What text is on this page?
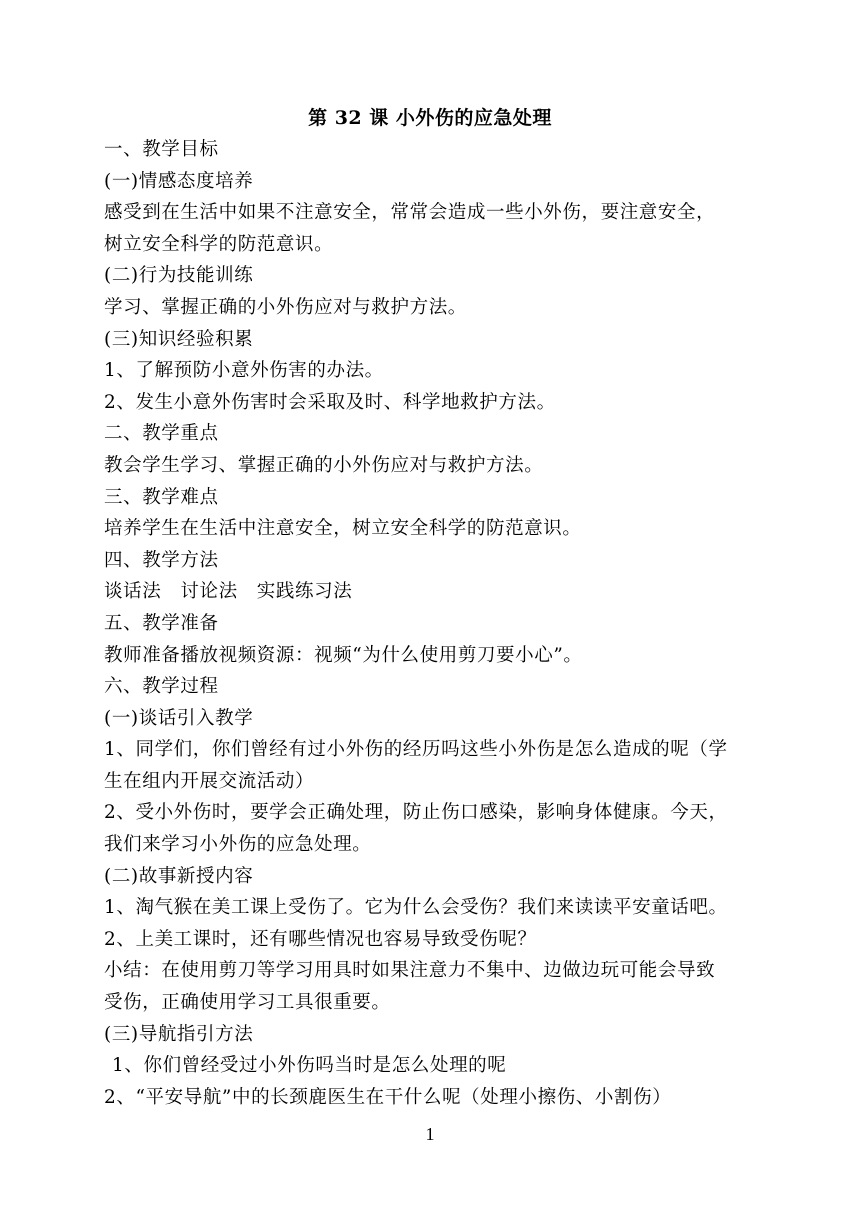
第 32 课 小外伤的应急处理

一、教学目标

(一)情感态度培养

感受到在生活中如果不注意安全，常常会造成一些小外伤，要注意安全，

树立安全科学的防范意识。

(二)行为技能训练

学习、掌握正确的小外伤应对与救护方法。

(三)知识经验积累

1、了解预防小意外伤害的办法。

2、发生小意外伤害时会采取及时、科学地救护方法。

二、教学重点

教会学生学习、掌握正确的小外伤应对与救护方法。

三、教学难点

培养学生在生活中注意安全，树立安全科学的防范意识。

四、教学方法

谈话法　讨论法　实践练习法

五、教学准备

教师准备播放视频资源：视频“为什么使用剪刀要小心”。

六、教学过程

(一)谈话引入教学

1、同学们，你们曾经有过小外伤的经历吗这些小外伤是怎么造成的呢（学

生在组内开展交流活动）

2、受小外伤时，要学会正确处理，防止伤口感染，影响身体健康。今天，

我们来学习小外伤的应急处理。

(二)故事新授内容

1、淘气猴在美工课上受伤了。它为什么会受伤？我们来读读平安童话吧。

2、上美工课时，还有哪些情况也容易导致受伤呢？

小结：在使用剪刀等学习用具时如果注意力不集中、边做边玩可能会导致

受伤，正确使用学习工具很重要。

(三)导航指引方法

1、你们曾经受过小外伤吗当时是怎么处理的呢

2、“平安导航”中的长颈鹿医生在干什么呢（处理小擦伤、小割伤）

1
